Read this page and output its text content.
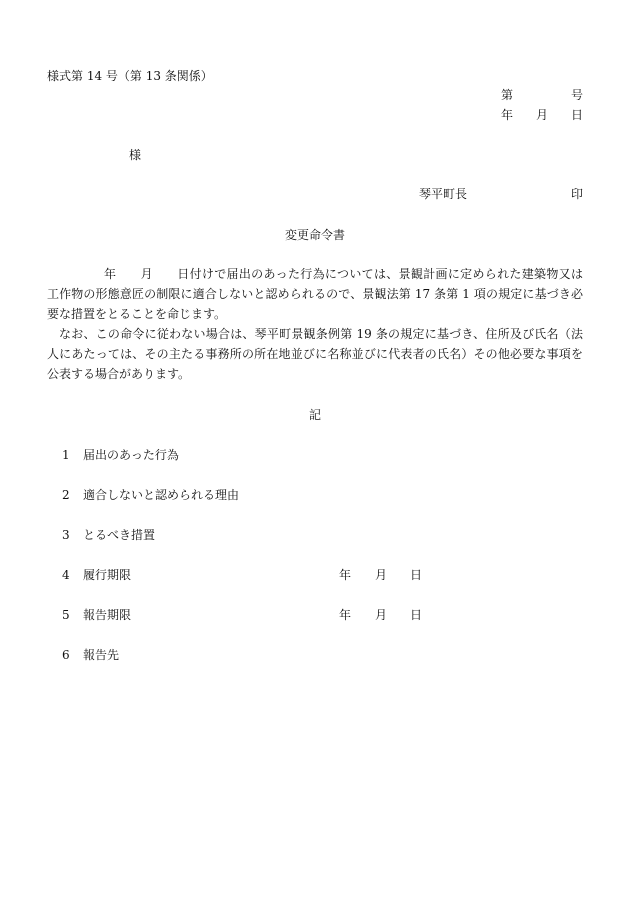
様式第 14 号（第 13 条関係）
第	号
年 月 日
様
琴平町長	印
変更命令書
年 月 日付けで届出のあった行為については、景観計画に定められた建築物又は工作物の形態意匠の制限に適合しないと認められるので、景観法第 17 条第 1 項の規定に基づき必要な措置をとることを命じます。
なお、この命令に従わない場合は、琴平町景観条例第 19 条の規定に基づき、住所及び氏名（法人にあたっては、その主たる事務所の所在地並びに名称並びに代表者の氏名）その他必要な事項を公表する場合があります。
記
1 届出のあった行為
2 適合しないと認められる理由
3 とるべき措置
4 履行期限	年 月 日
5 報告期限	年 月 日
6 報告先
